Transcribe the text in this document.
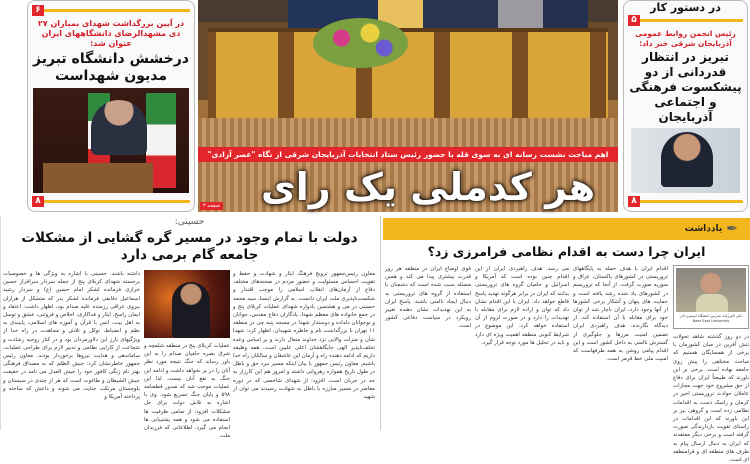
۶
در آیین بزرگداشت شهدای بمباران ۲۷ دی مشهدالرضای دانشگاههای ایران عنوان شد:
درخشش دانشگاه تبریز مدیون شهداست
۸
اهم مباحث نشست رسانه ای به سوی قله با حضور رئیس ستاد انتخابات آذربایجان شرقی از نگاه "عصر آزادی"
هر کدملی یک رای
صفحه ۳
در دستور کار
۵
رئیس انجمن روابط عمومی آذربایجان شرقی خبر داد:
تبریز در انتظار قدردانی از دو پیشکسوت فرهنگی و اجتماعی آذربایجان
۸
حسینی:
دولت با تمام وجود در مسیر گره گشایی از مشکلات جامعه گام برمی دارد
معاون رئیس‌جمهور ترویج فرهنگ ایثار و شهادت و حفظ و تقویت احساس مسئولیت و حضور مردم در صحنه‌های مختلف دفاع از آرمان‌های انقلاب اسلامی را موجب اقتدار و شکست‌ناپذیری ملت ایران دانست. به گزارش ایسنا، سید محمد حسینی در می و هشتمین یادواره شهدای عملیات کربلای پنج و در جمع خانواده های معظم شهدا، یادگاران دفاع مقدس، جوانان و نوجوانان دلداده و دوستدار شهدا در مسجد پنبه چی در منطقه ۱۱ تهران با بزرگداشت نام و خاطره شهیدان، اظهار کرد: شهدا شأن و منزلت والایی نزد خداوند متعال دارند و بر اساس وعده تخلف‌ناپذیر الهی جایگاهشان اعلی علیین است. همه وظیفه داریم که ادامه دهنده راه و آرمان این عاشقان و سالکان راه خدا باشیم. معاون رئیس جمهور با بیان اینکه مسیر نبرد حق و باطل در طول تاریخ همواره رهروانی داشته و امروز هم این کارزار به جد در جریان است، افزود: از شهدای شاخصی که در دوره معاصر در مسیر مبارزه با باطل به شهادت رسیدند می توان از شهید
عملیات کربلای پنج در منطقه شلمچه و شرق بصره حامیان صدام را به این باور رساند که جنگ نتیجه مورد نظر آنان را در بر نخواهد داشت و ادامه این جنگ به نفع آنان نیست. لذا این عملیات موجب شد که صدور قطعنامه ۵۹۸ و پایان جنگ تسریع شود. وی با اشاره به تلاش دولت برای حل مشکلات افزود: از تمامی ظرفیت ها استفاده می شود و همه پشتیبانی ها انجام می گیرد. اطلاعاتی که فرزندان ملت
داشته باشند. حسینی با اشاره به ویژگی ها و خصوصیات برجسته شهدای کربلای پنج از جمله سردار سرافراز حسین خرازی فرمانده لشکر امام حسین (ع) و سردار رشید اسماعیل دقایقی فرمانده لشکر بدر که متشکل از هزاران نیروی عراقی رزمنده علیه صدام بود، اظهار داشت: اعتقاد و ایمان راسخ، ایثار و فداکاری، اخلاص و فروتنی، عشق و توسل به اهل بیت، انس با قرآن و آموزه های اسلامی، پایبندی به نظم و انضباط، توکل و تلاش و مجاهدت در راه خدا از ویژگیهای بارز این دلاورمردان بود و در کنار روحیه رشادت و شجاعت از کارایی نظامی و تدبیر لازم برای طراحی عملیات، ساماندهی و هدایت نیروها برخوردار بودند. معاون رئیس جمهور خاطرنشان کرد: جیش الظلم که به مصداق فرهنگی بهتر نام زنگی کافور خود را جیش العدل می نامد در حقیقت جیش الشیطان و طاغوت است که هر از چندی در سیستان و بلوچستان مرتکب جنایت می شوند و داعش که ساخته و پرداخته آمریکا و
✒
یادداشت
ایران چرا دست به اقدام نظامی فرامرزی زد؟
دکتر اکبرزاده، مدرس دانشگاه ایسترن الی Near East University
در دو روز گذشته شاهد تحولات تنش آفرین در میان کشورمان با برخی از همسایگان هستیم که مباحث مختلفی را پیش روی جامعه نهاده است. برخی بر این باورند که طبیعتاً ایران برای دفاع از حق مشروع خود جهت مجازات عاملان حوادث تروریستی اخیر در کرمان و راسک دست به اقدامات نظامی زده است و گروهی نیز بر این باورند که این اقدامات در راستای تقویت بازدارندگی صورت گرفته است و برخی دیگر معتقدند که ایران به دنبال ارسال پیام به طرف های منطقه ای و فرامنطقه ای است.
اقدام ایران با هدف حمله به پایگاههای تروریستی در کشورهای پاکستان، عراق و سوریه صورت گرفت. از آنجا که تروریسم در کشورهای یاد شده رشد یافته است و حمایت های پنهان و آشکار برخی کشورها از آنها وجود دارد، ایران ناچار شد از توان خود برای مقابله با آن استفاده کند. از دیدگاه نگارنده، هدف راهبردی ایران تضمین امنیت مرزها و جلوگیری از گسترش ناامنی به داخل کشور است و این اقدام پیامی روشن به همه طرفهاست که امنیت ملی خط قرمز است.
می رسد، هدف راهبردی ایران از این اقدام چنین بوده است که آمریکا و اسرائیل و حامیان گروه های تروریستی بدانند که ایران در برابر هرگونه تهدید پاسخ قاطع خواهد داد. ایران با این اقدام نشان داد که توان و اراده لازم برای مقابله با تهدیدات را دارد و در صورت لزوم از آن استفاده خواهد کرد. این موضوع در شرایط کنونی منطقه اهمیت ویژه ای دارد و باید در تحلیل ها مورد توجه قرار گیرد.
قوی اوضاع ایران در منطقه هر روز قدرت بیشتری پیدا می کند و همین مسئله سبب شده است که دشمنان با استفاده از گروه های تروریستی به دنبال ایجاد ناامنی باشند. پاسخ ایران به این تهدیدات نشان دهنده تغییر رویکرد در سیاست دفاعی کشور است.
